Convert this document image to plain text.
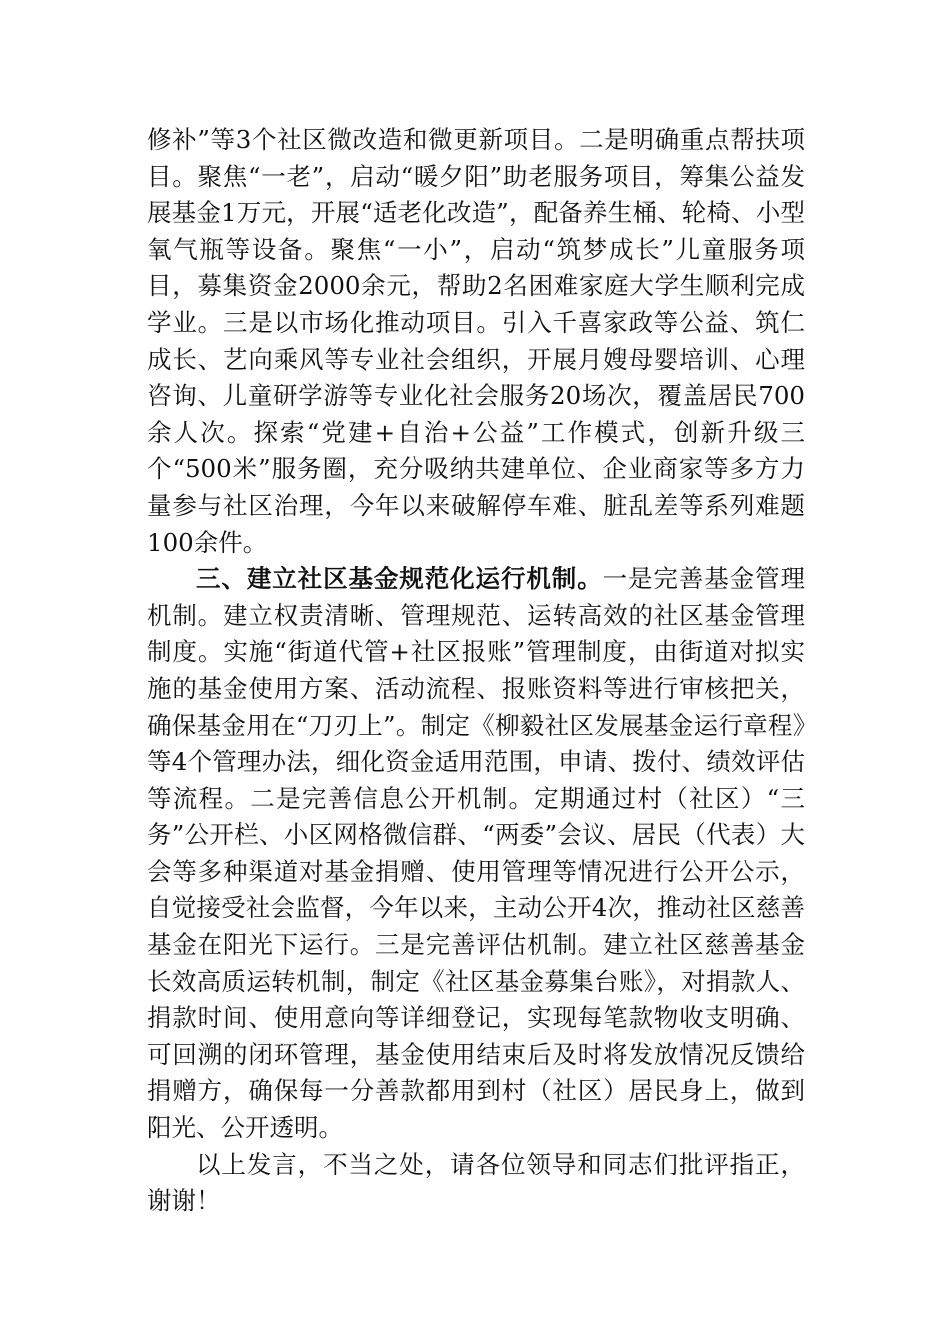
修补”等3个社区微改造和微更新项目。二是明确重点帮扶项目。聚焦“一老”，启动“暖夕阳”助老服务项目，筹集公益发展基金1万元，开展“适老化改造”，配备养生桶、轮椅、小型氧气瓶等设备。聚焦“一小”，启动“筑梦成长”儿童服务项目，募集资金2000余元，帮助2名困难家庭大学生顺利完成学业。三是以市场化推动项目。引入千喜家政等公益、筑仁成长、艺向乘风等专业社会组织，开展月嫂母婴培训、心理咨询、儿童研学游等专业化社会服务20场次，覆盖居民700余人次。探索“党建+自治+公益”工作模式，创新升级三个“500米”服务圈，充分吸纳共建单位、企业商家等多方力量参与社区治理，今年以来破解停车难、脏乱差等系列难题100余件。

三、建立社区基金规范化运行机制。一是完善基金管理机制。建立权责清晰、管理规范、运转高效的社区基金管理制度。实施“街道代管+社区报账”管理制度，由街道对拟实施的基金使用方案、活动流程、报账资料等进行审核把关，确保基金用在“刀刃上”。制定《柳毅社区发展基金运行章程》等4个管理办法，细化资金适用范围，申请、拨付、绩效评估等流程。二是完善信息公开机制。定期通过村（社区）“三务”公开栏、小区网格微信群、“两委”会议、居民（代表）大会等多种渠道对基金捐赠、使用管理等情况进行公开公示，自觉接受社会监督，今年以来，主动公开4次，推动社区慈善基金在阳光下运行。三是完善评估机制。建立社区慈善基金长效高质运转机制，制定《社区基金募集台账》，对捐款人、捐款时间、使用意向等详细登记，实现每笔款物收支明确、可回溯的闭环管理，基金使用结束后及时将发放情况反馈给捐赠方，确保每一分善款都用到村（社区）居民身上，做到阳光、公开透明。

以上发言，不当之处，请各位领导和同志们批评指正，谢谢！
